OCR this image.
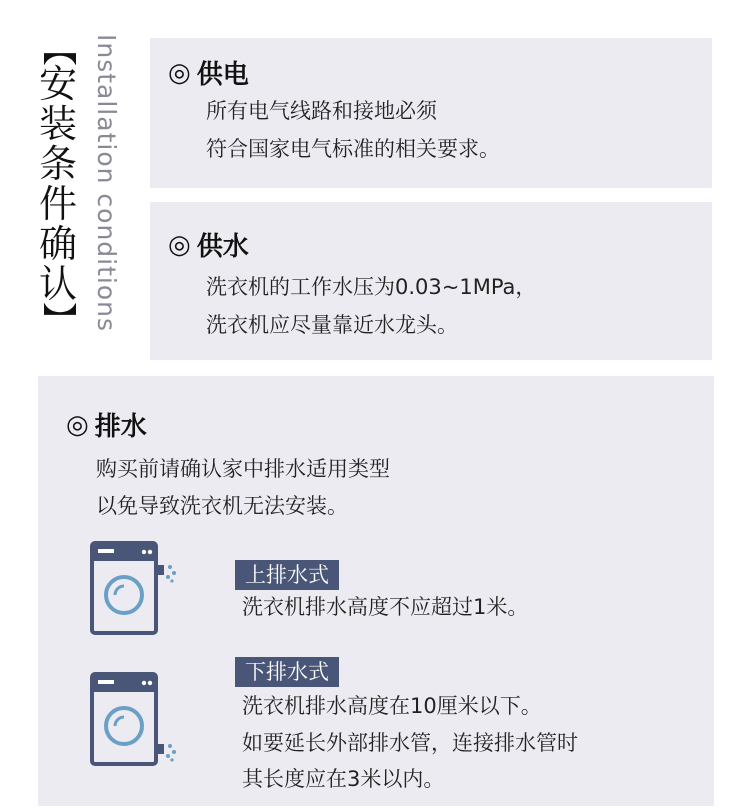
【
安
装
条
件
确
认
】 Installation conditions ◎ 供电
所有电气线路和接地必须
符合国家电气标准的相关要求。
◎ 供水
洗衣机的工作水压为0.03~1MPa，
洗衣机应尽量靠近水龙头。
◎ 排水
购买前请确认家中排水适用类型
以免导致洗衣机无法安装。
上排水式
洗衣机排水高度不应超过1米。
下排水式
洗衣机排水高度在10厘米以下。
如要延长外部排水管，连接排水管时
其长度应在3米以内。
